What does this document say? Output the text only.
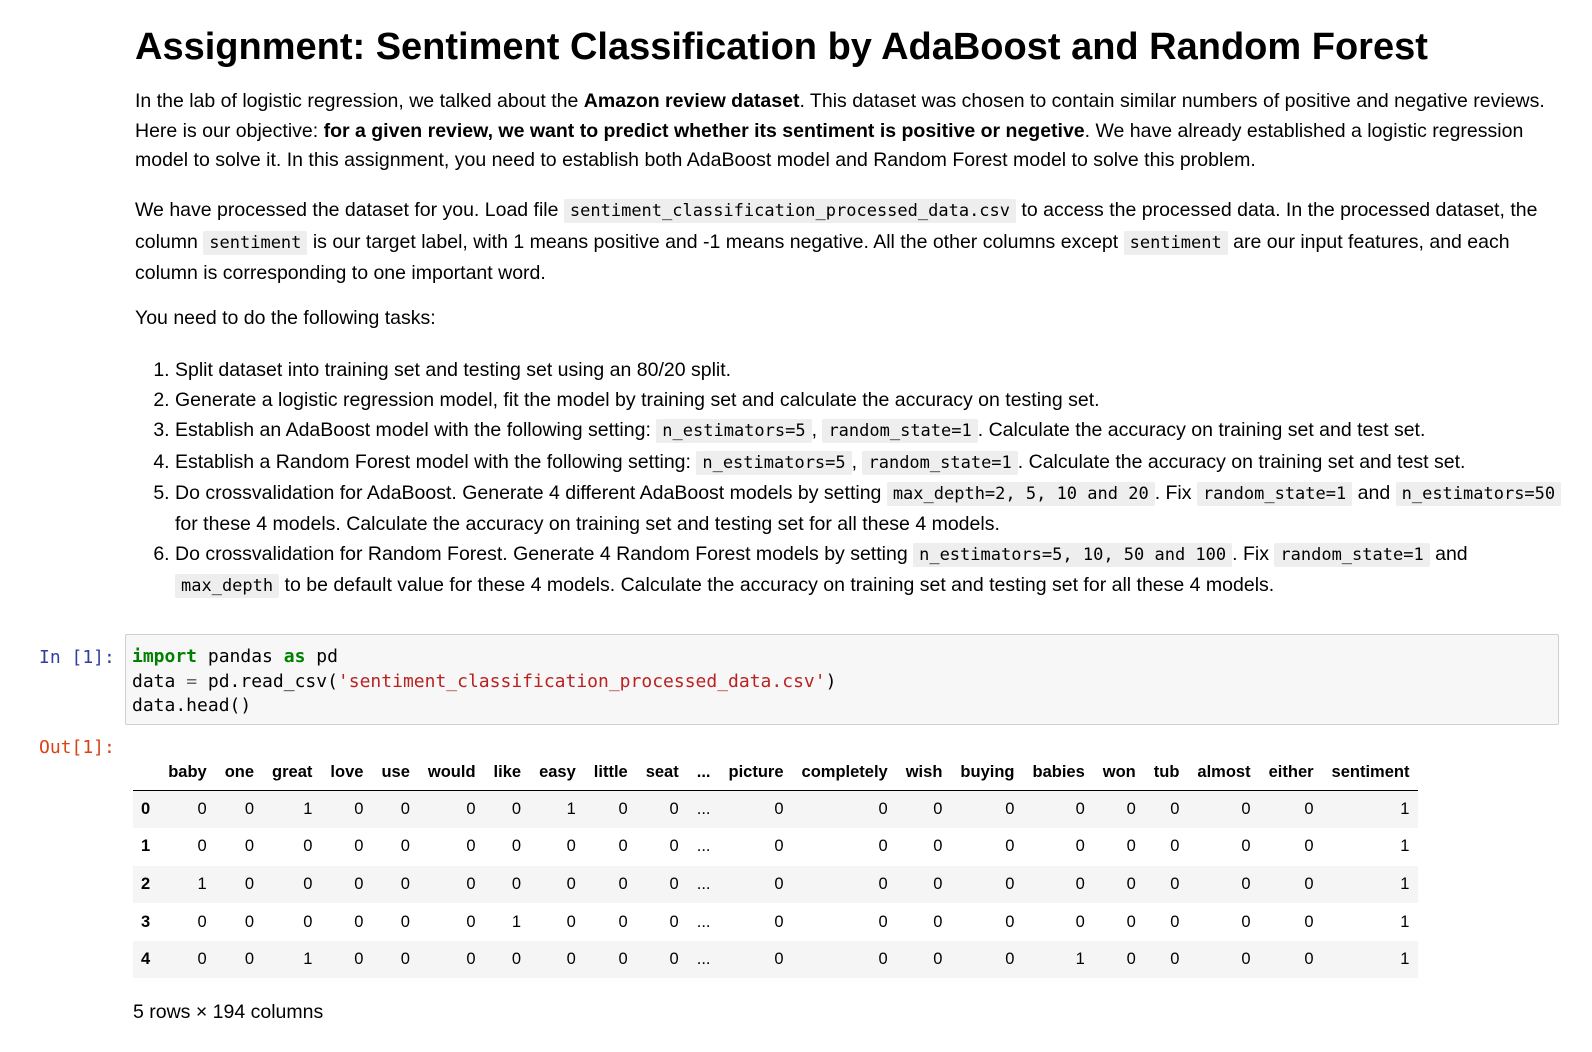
Assignment: Sentiment Classification by AdaBoost and Random Forest
In the lab of logistic regression, we talked about the Amazon review dataset. This dataset was chosen to contain similar numbers of positive and negative reviews. Here is our objective: for a given review, we want to predict whether its sentiment is positive or negetive. We have already established a logistic regression model to solve it. In this assignment, you need to establish both AdaBoost model and Random Forest model to solve this problem.
We have processed the dataset for you. Load file sentiment_classification_processed_data.csv to access the processed data. In the processed dataset, the column sentiment is our target label, with 1 means positive and -1 means negative. All the other columns except sentiment are our input features, and each column is corresponding to one important word.
You need to do the following tasks:
1. Split dataset into training set and testing set using an 80/20 split.
2. Generate a logistic regression model, fit the model by training set and calculate the accuracy on testing set.
3. Establish an AdaBoost model with the following setting: n_estimators=5 , random_state=1 . Calculate the accuracy on training set and test set.
4. Establish a Random Forest model with the following setting: n_estimators=5 , random_state=1 . Calculate the accuracy on training set and test set.
5. Do crossvalidation for AdaBoost. Generate 4 different AdaBoost models by setting max_depth=2, 5, 10 and 20 . Fix random_state=1 and n_estimators=50 for these 4 models. Calculate the accuracy on training set and testing set for all these 4 models.
6. Do crossvalidation for Random Forest. Generate 4 Random Forest models by setting n_estimators=5, 10, 50 and 100 . Fix random_state=1 and max_depth to be default value for these 4 models. Calculate the accuracy on training set and testing set for all these 4 models.
In [1]: import pandas as pd
data = pd.read_csv('sentiment_classification_processed_data.csv')
data.head()
Out[1]:
	baby	one	great	love	use	would	like	easy	little	seat	...	picture	completely	wish	buying	babies	won	tub	almost	either	sentiment
0	0	0	1	0	0	0	0	1	0	0	...	0	0	0	0	0	0	0	0	0	1
1	0	0	0	0	0	0	0	0	0	0	...	0	0	0	0	0	0	0	0	0	1
2	1	0	0	0	0	0	0	0	0	0	...	0	0	0	0	0	0	0	0	0	1
3	0	0	0	0	0	0	1	0	0	0	...	0	0	0	0	0	0	0	0	0	1
4	0	0	1	0	0	0	0	0	0	0	...	0	0	0	0	1	0	0	0	0	1
5 rows × 194 columns
